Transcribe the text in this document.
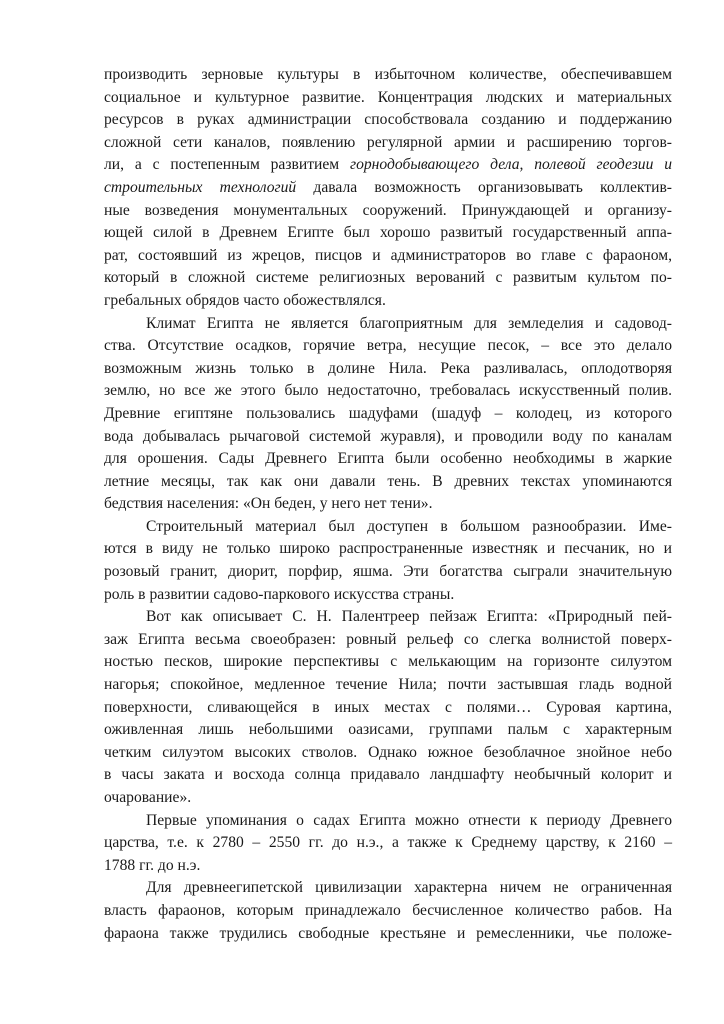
производить зерновые культуры в избыточном количестве, обеспечивавшем
социальное и культурное развитие. Концентрация людских и материальных
ресурсов в руках администрации способствовала созданию и поддержанию
сложной сети каналов, появлению регулярной армии и расширению торгов-
ли, а с постепенным развитием горнодобывающего дела, полевой геодезии и
строительных технологий давала возможность организовывать коллектив-
ные возведения монументальных сооружений. Принуждающей и организу-
ющей силой в Древнем Египте был хорошо развитый государственный аппа-
рат, состоявший из жрецов, писцов и администраторов во главе с фараоном,
который в сложной системе религиозных верований с развитым культом по-
гребальных обрядов часто обожествлялся.
Климат Египта не является благоприятным для земледелия и садовод-
ства. Отсутствие осадков, горячие ветра, несущие песок, – все это делало
возможным жизнь только в долине Нила. Река разливалась, оплодотворяя
землю, но все же этого было недостаточно, требовалась искусственный полив.
Древние египтяне пользовались шадуфами (шадуф – колодец, из которого
вода добывалась рычаговой системой журавля), и проводили воду по каналам
для орошения. Сады Древнего Египта были особенно необходимы в жаркие
летние месяцы, так как они давали тень. В древних текстах упоминаются
бедствия населения: «Он беден, у него нет тени».
Строительный материал был доступен в большом разнообразии. Име-
ются в виду не только широко распространенные известняк и песчаник, но и
розовый гранит, диорит, порфир, яшма. Эти богатства сыграли значительную
роль в развитии садово-паркового искусства страны.
Вот как описывает С. Н. Палентреер пейзаж Египта: «Природный пей-
заж Египта весьма своеобразен: ровный рельеф со слегка волнистой поверх-
ностью песков, широкие перспективы с мелькающим на горизонте силуэтом
нагорья; спокойное, медленное течение Нила; почти застывшая гладь водной
поверхности, сливающейся в иных местах с полями… Суровая картина,
оживленная лишь небольшими оазисами, группами пальм с характерным
четким силуэтом высоких стволов. Однако южное безоблачное знойное небо
в часы заката и восхода солнца придавало ландшафту необычный колорит и
очарование».
Первые упоминания о садах Египта можно отнести к периоду Древнего
царства, т.е. к 2780 – 2550 гг. до н.э., а также к Среднему царству, к 2160 –
1788 гг. до н.э.
Для древнеегипетской цивилизации характерна ничем не ограниченная
власть фараонов, которым принадлежало бесчисленное количество рабов. На
фараона также трудились свободные крестьяне и ремесленники, чье положе-
